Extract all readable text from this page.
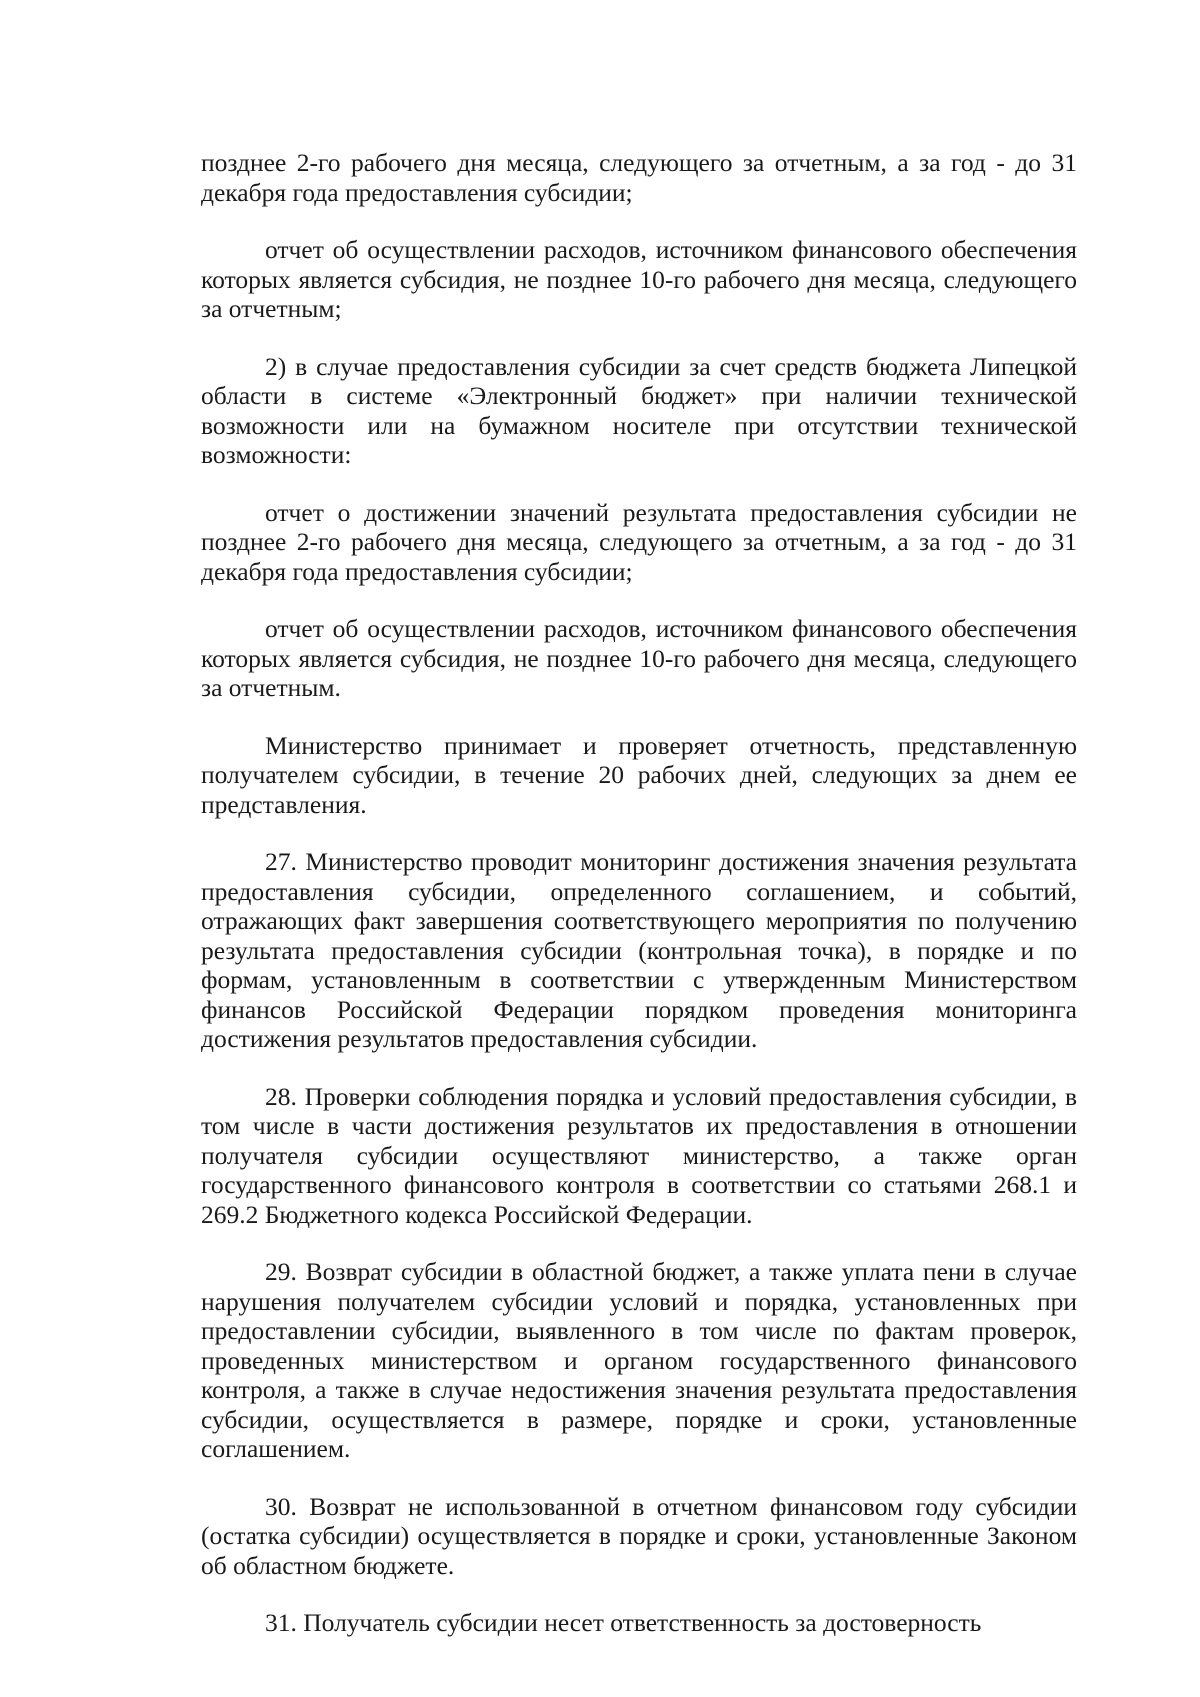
позднее 2-го рабочего дня месяца, следующего за отчетным, а за год - до 31 декабря года предоставления субсидии;

отчет об осуществлении расходов, источником финансового обеспечения которых является субсидия, не позднее 10-го рабочего дня месяца, следующего за отчетным;

2) в случае предоставления субсидии за счет средств бюджета Липецкой области в системе «Электронный бюджет» при наличии технической возможности или на бумажном носителе при отсутствии технической возможности:

отчет о достижении значений результата предоставления субсидии не позднее 2-го рабочего дня месяца, следующего за отчетным, а за год - до 31 декабря года предоставления субсидии;

отчет об осуществлении расходов, источником финансового обеспечения которых является субсидия, не позднее 10-го рабочего дня месяца, следующего за отчетным.

Министерство принимает и проверяет отчетность, представленную получателем субсидии, в течение 20 рабочих дней, следующих за днем ее представления.

27. Министерство проводит мониторинг достижения значения результата предоставления субсидии, определенного соглашением, и событий, отражающих факт завершения соответствующего мероприятия по получению результата предоставления субсидии (контрольная точка), в порядке и по формам, установленным в соответствии с утвержденным Министерством финансов Российской Федерации порядком проведения мониторинга достижения результатов предоставления субсидии.

28. Проверки соблюдения порядка и условий предоставления субсидии, в том числе в части достижения результатов их предоставления в отношении получателя субсидии осуществляют министерство, а также орган государственного финансового контроля в соответствии со статьями 268.1 и 269.2 Бюджетного кодекса Российской Федерации.

29. Возврат субсидии в областной бюджет, а также уплата пени в случае нарушения получателем субсидии условий и порядка, установленных при предоставлении субсидии, выявленного в том числе по фактам проверок, проведенных министерством и органом государственного финансового контроля, а также в случае недостижения значения результата предоставления субсидии, осуществляется в размере, порядке и сроки, установленные соглашением.

30. Возврат не использованной в отчетном финансовом году субсидии (остатка субсидии) осуществляется в порядке и сроки, установленные Законом об областном бюджете.

31. Получатель субсидии несет ответственность за достоверность
